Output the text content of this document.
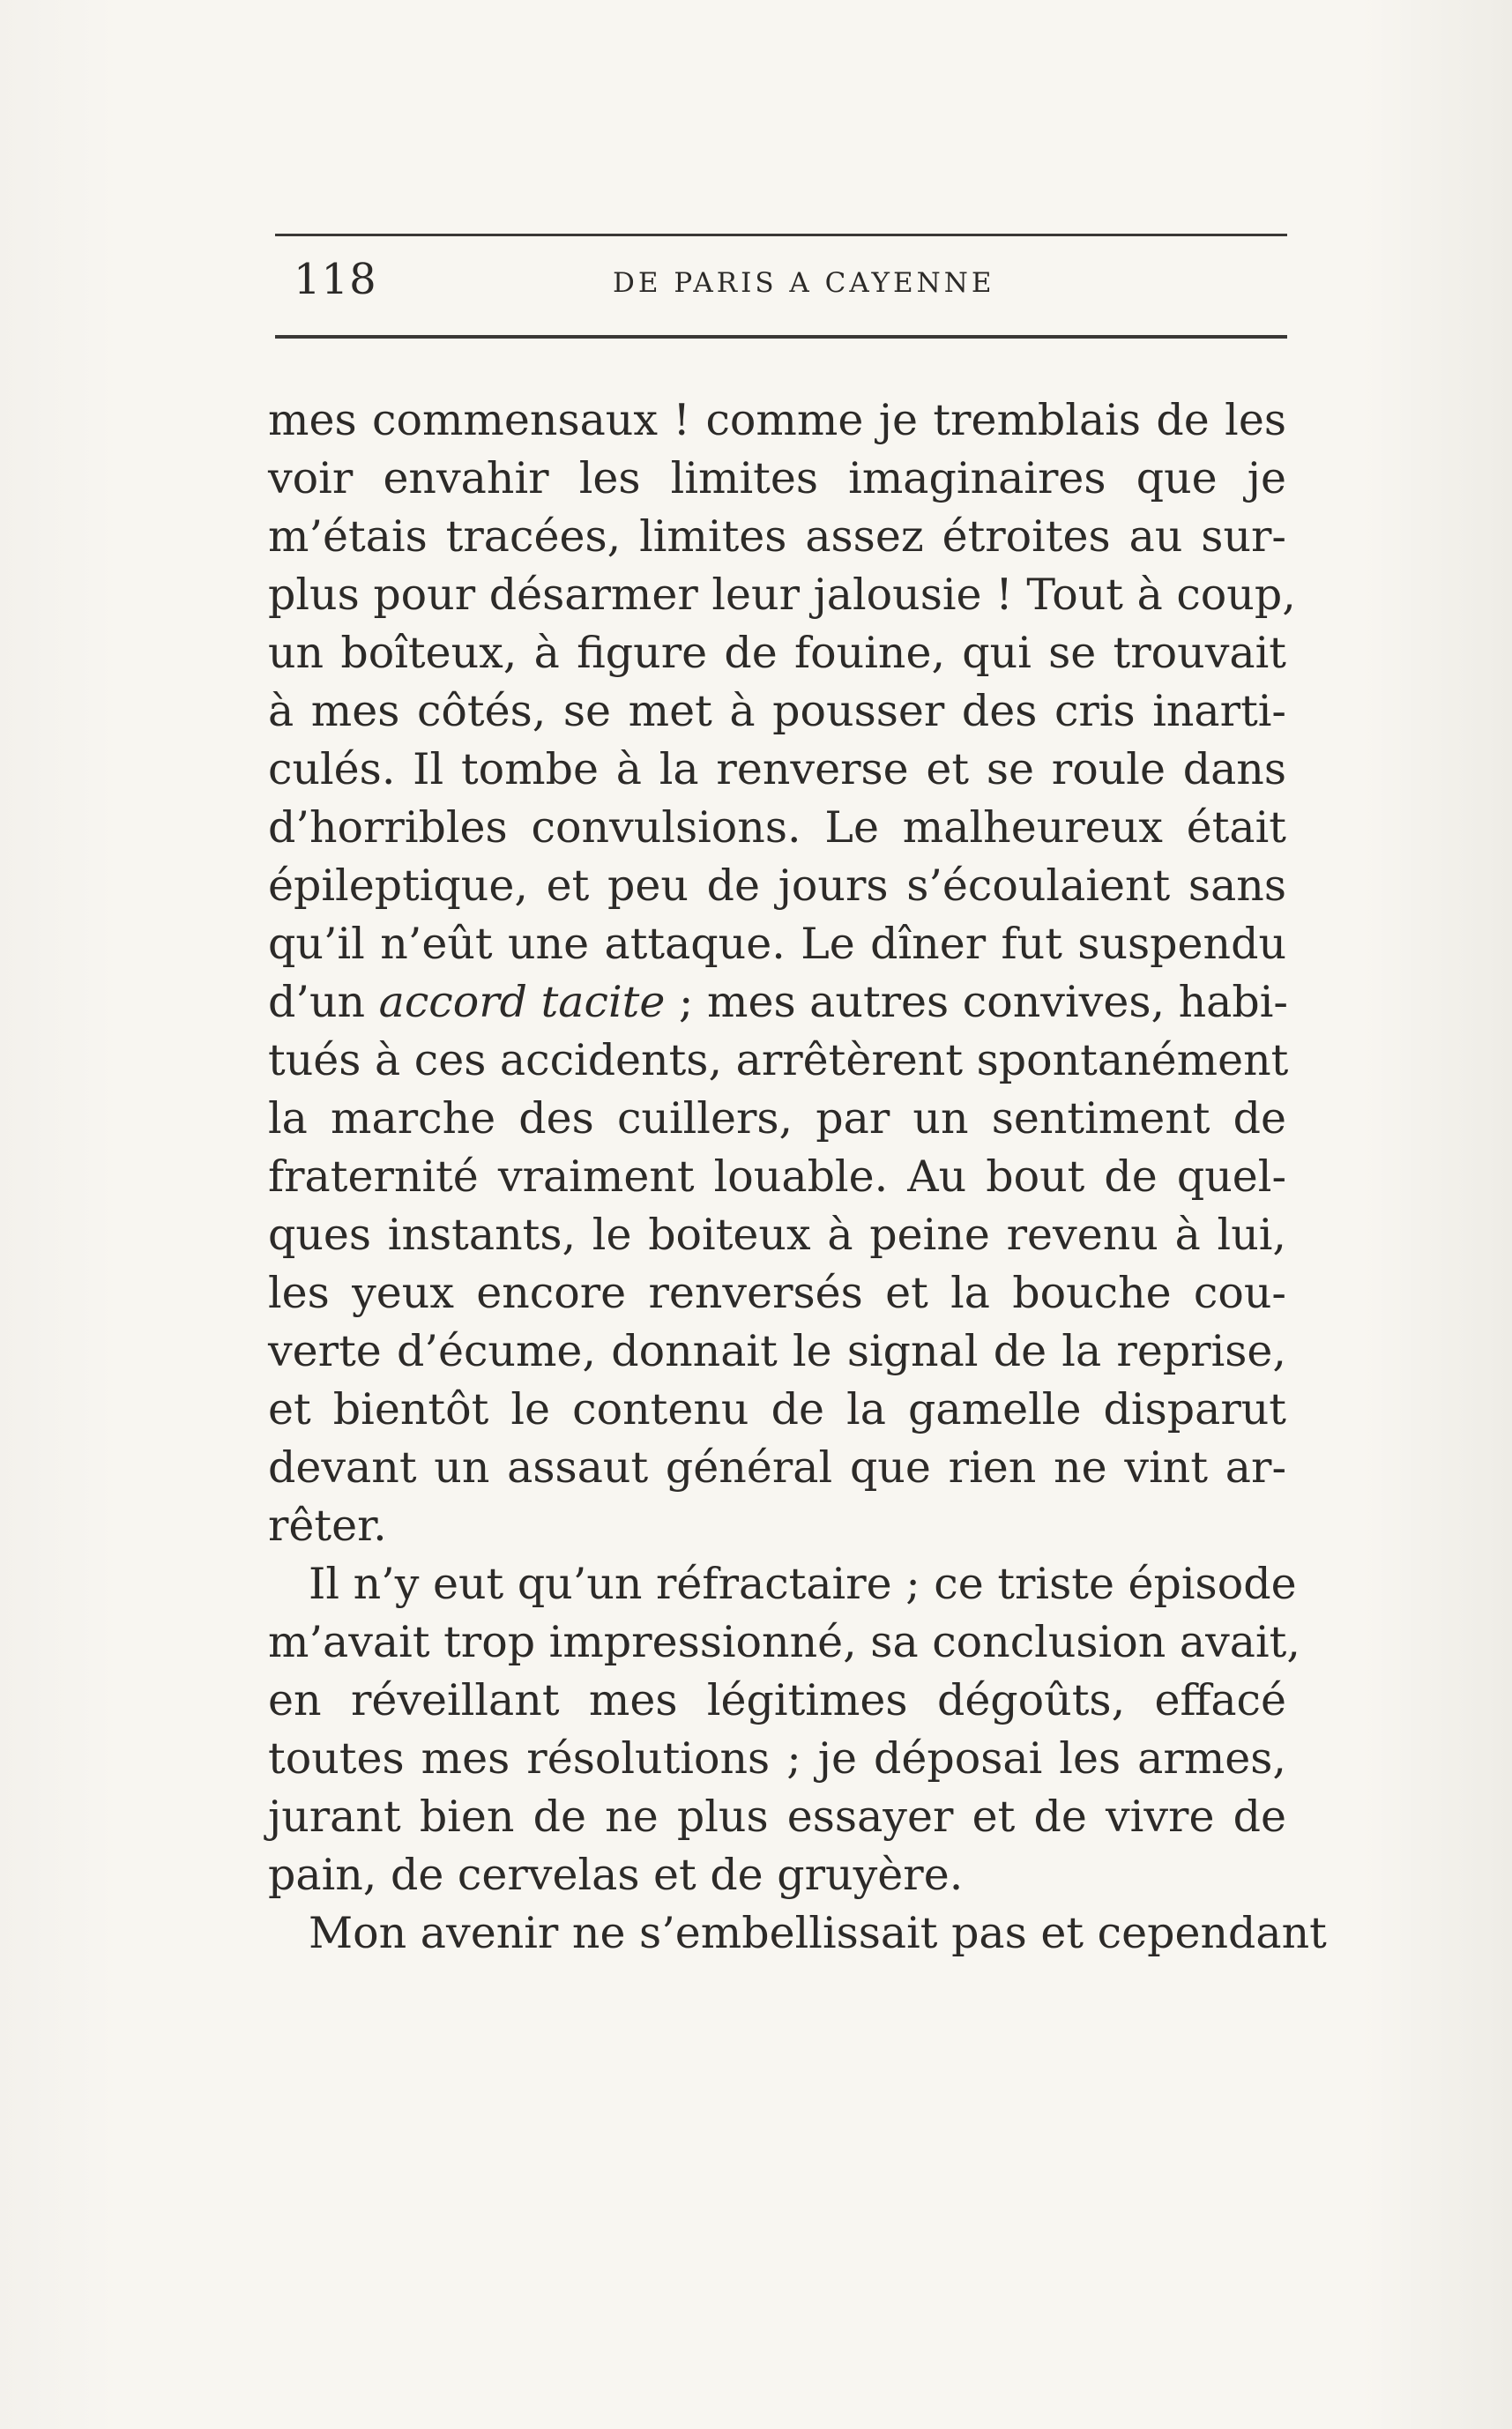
118	DE PARIS A CAYENNE
mes commensaux ! comme je tremblais de les
voir envahir les limites imaginaires que je
m’étais tracées, limites assez étroites au sur-
plus pour désarmer leur jalousie ! Tout à coup,
un boîteux, à figure de fouine, qui se trouvait
à mes côtés, se met à pousser des cris inarti-
culés. Il tombe à la renverse et se roule dans
d’horribles convulsions. Le malheureux était
épileptique, et peu de jours s’écoulaient sans
qu’il n’eût une attaque. Le dîner fut suspendu
d’un accord tacite ; mes autres convives, habi-
tués à ces accidents, arrêtèrent spontanément
la marche des cuillers, par un sentiment de
fraternité vraiment louable. Au bout de quel-
ques instants, le boiteux à peine revenu à lui,
les yeux encore renversés et la bouche cou-
verte d’écume, donnait le signal de la reprise,
et bientôt le contenu de la gamelle disparut
devant un assaut général que rien ne vint ar-
rêter.
Il n’y eut qu’un réfractaire ; ce triste épisode
m’avait trop impressionné, sa conclusion avait,
en réveillant mes légitimes dégoûts, effacé
toutes mes résolutions ; je déposai les armes,
jurant bien de ne plus essayer et de vivre de
pain, de cervelas et de gruyère.
Mon avenir ne s’embellissait pas et cependant
